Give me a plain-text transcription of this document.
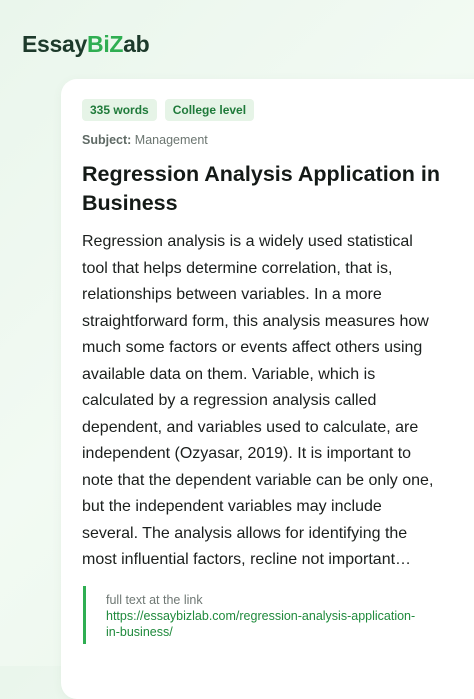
EssayBiZab
335 words	College level
Subject: Management
Regression Analysis Application in Business

Regression analysis is a widely used statistical
tool that helps determine correlation, that is,
relationships between variables. In a more
straightforward form, this analysis measures how
much some factors or events affect others using
available data on them. Variable, which is
calculated by a regression analysis called
dependent, and variables used to calculate, are
independent (Ozyasar, 2019). It is important to
note that the dependent variable can be only one,
but the independent variables may include
several. The analysis allows for identifying the
most influential factors, recline not important…

full text at the link
https://essaybizlab.com/regression-analysis-application-
in-business/
